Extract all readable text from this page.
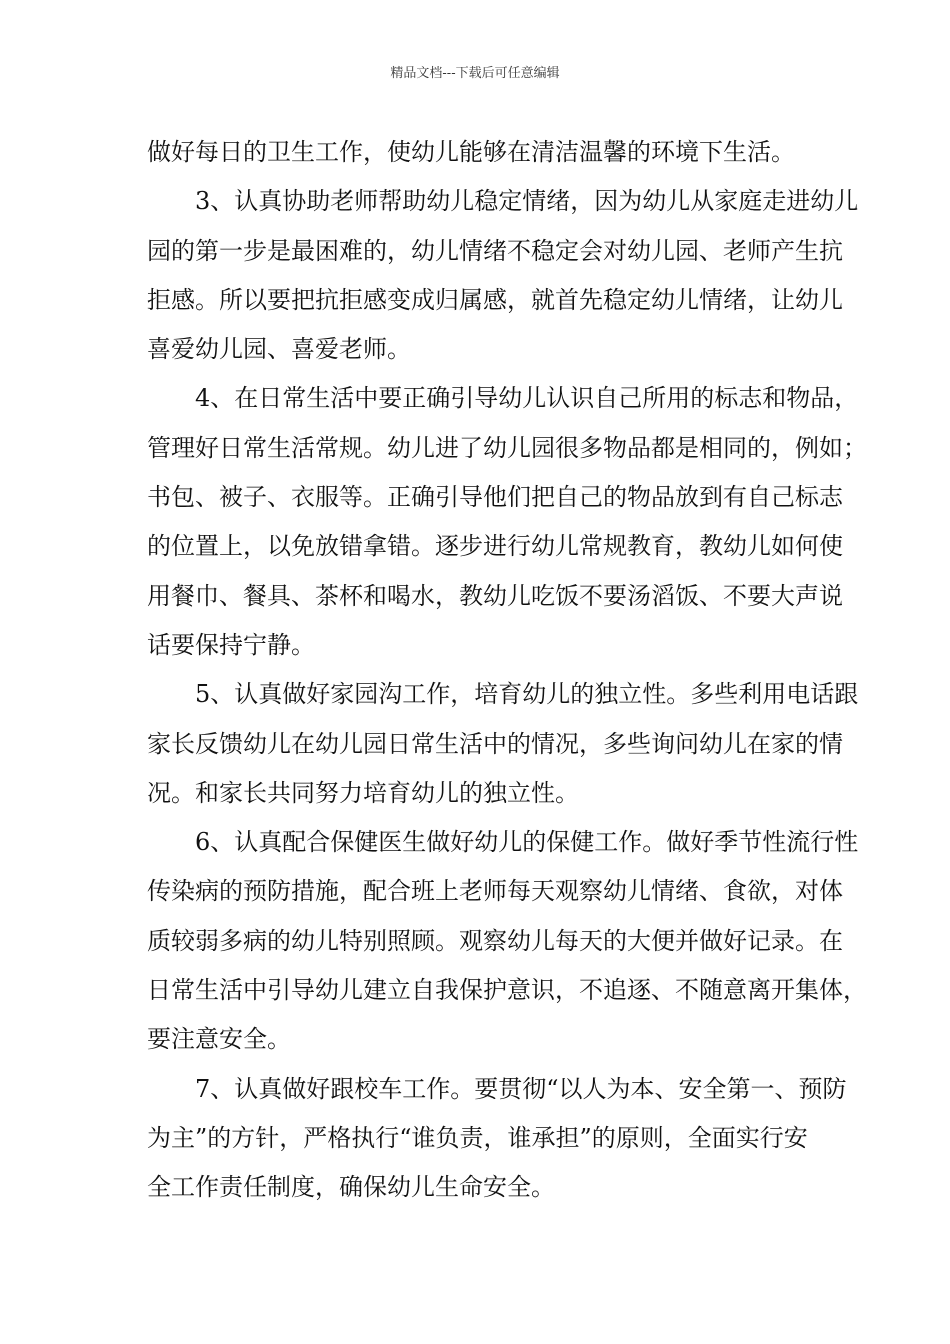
精品文档---下载后可任意编辑
做好每日的卫生工作，使幼儿能够在清洁温馨的环境下生活。
3、认真协助老师帮助幼儿稳定情绪，因为幼儿从家庭走进幼儿
园的第一步是最困难的，幼儿情绪不稳定会对幼儿园、老师产生抗
拒感。所以要把抗拒感变成归属感，就首先稳定幼儿情绪，让幼儿
喜爱幼儿园、喜爱老师。
4、在日常生活中要正确引导幼儿认识自己所用的标志和物品，
管理好日常生活常规。幼儿进了幼儿园很多物品都是相同的，例如；
书包、被子、衣服等。正确引导他们把自己的物品放到有自己标志
的位置上，以免放错拿错。逐步进行幼儿常规教育，教幼儿如何使
用餐巾、餐具、茶杯和喝水，教幼儿吃饭不要汤滔饭、不要大声说
话要保持宁静。
5、认真做好家园沟工作，培育幼儿的独立性。多些利用电话跟
家长反馈幼儿在幼儿园日常生活中的情况，多些询问幼儿在家的情
况。和家长共同努力培育幼儿的独立性。
6、认真配合保健医生做好幼儿的保健工作。做好季节性流行性
传染病的预防措施，配合班上老师每天观察幼儿情绪、食欲，对体
质较弱多病的幼儿特别照顾。观察幼儿每天的大便并做好记录。在
日常生活中引导幼儿建立自我保护意识，不追逐、不随意离开集体，
要注意安全。
7、认真做好跟校车工作。要贯彻“以人为本、安全第一、预防
为主”的方针，严格执行“谁负责，谁承担”的原则，全面实行安
全工作责任制度，确保幼儿生命安全。
